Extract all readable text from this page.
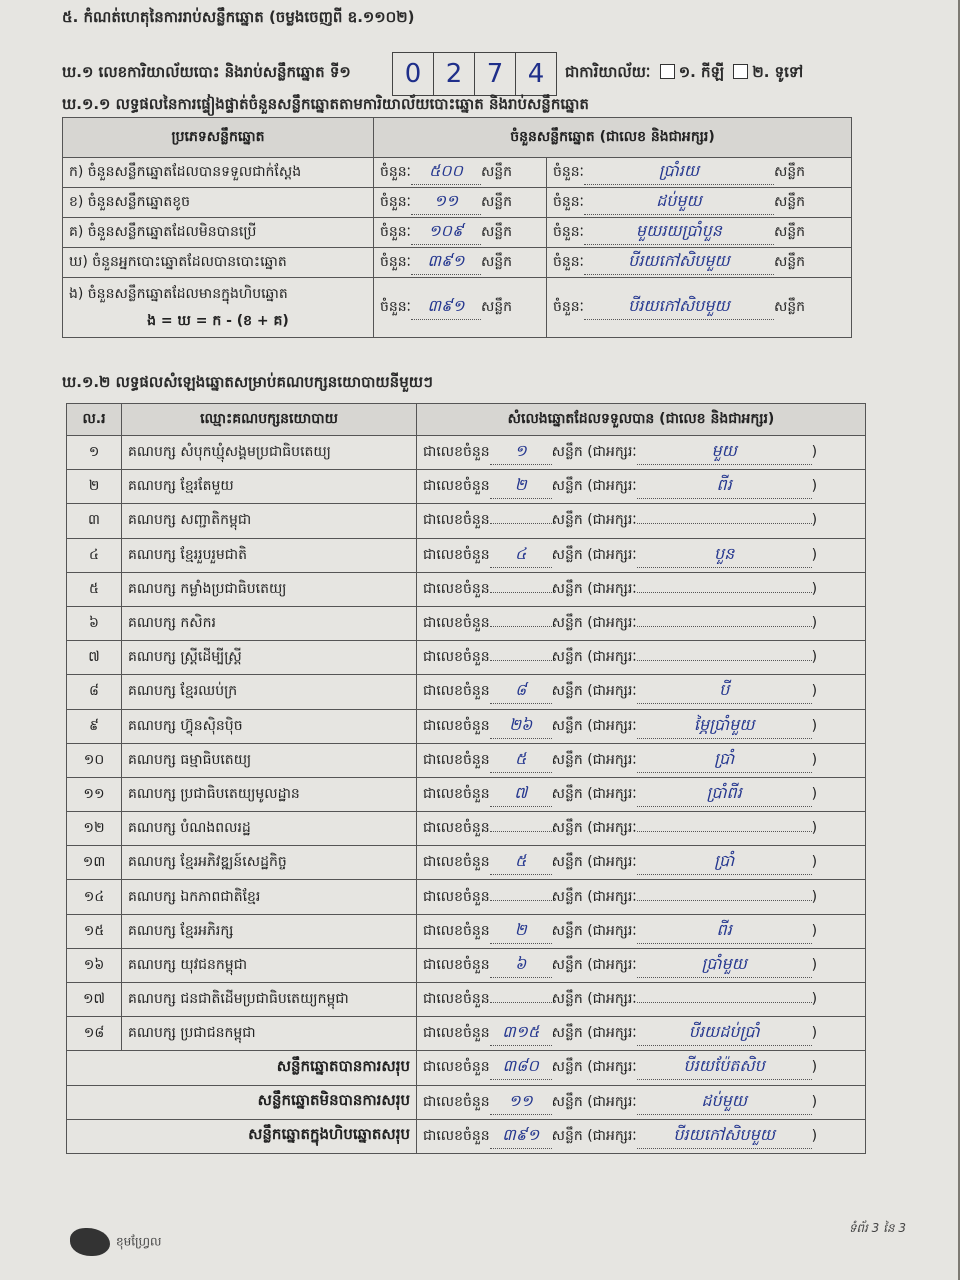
៥. កំណត់ហេតុនៃការរាប់សន្លឹកឆ្នោត (ចម្លងចេញពី ឧ.១១០២)
ឃ.១ លេខការិយាល័យបោះ និងរាប់សន្លឹកឆ្នោត ទី១	0 2 7 4	ជាការិយាល័យៈ ១. កីឡី ២. ទូទៅ
ឃ.១.១ លទ្ធផលនៃការផ្ទៀងផ្ទាត់ចំនួនសន្លឹកឆ្នោតតាមការិយាល័យបោះឆ្នោត និងរាប់សន្លឹកឆ្នោត
ប្រភេទសន្លឹកឆ្នោត	ចំនួនសន្លឹកឆ្នោត (ជាលេខ និងជាអក្សរ)	
ក) ចំនួនសន្លឹកឆ្នោតដែលបានទទួលជាក់ស្តែង	ចំនួនៈ ៥០០ សន្លឹក	ចំនួនៈ ប្រាំរយ សន្លឹក
ខ) ចំនួនសន្លឹកឆ្នោតខូច	ចំនួនៈ ១១ សន្លឹក	ចំនួនៈ ដប់មួយ សន្លឹក
គ) ចំនួនសន្លឹកឆ្នោតដែលមិនបានប្រើ	ចំនួនៈ ១០៩ សន្លឹក	ចំនួនៈ មួយរយប្រាំបួន សន្លឹក
ឃ) ចំនួនអ្នកបោះឆ្នោតដែលបានបោះឆ្នោត	ចំនួនៈ ៣៩១ សន្លឹក	ចំនួនៈ បីរយកៅសិបមួយ សន្លឹក

ង) ចំនួនសន្លឹកឆ្នោតដែលមានក្នុងហិបឆ្នោត
ង = ឃ = ក - (ខ + គ)	ចំនួនៈ ៣៩១ សន្លឹក	ចំនួនៈ បីរយកៅសិបមួយ សន្លឹក
ឃ.១.២ លទ្ធផលសំឡេងឆ្នោតសម្រាប់គណបក្សនយោបាយនីមួយៗ
ល.រ	ឈ្មោះគណបក្សនយោបាយ	សំលេងឆ្នោតដែលទទួលបាន (ជាលេខ និងជាអក្សរ)
១	គណបក្ស សំបុកឃ្មុំសង្គមប្រជាធិបតេយ្យ	ជាលេខចំនួន ១ សន្លឹក (ជាអក្សរៈ មួយ )
២	គណបក្ស ខ្មែរតែមួយ	ជាលេខចំនួន ២ សន្លឹក (ជាអក្សរៈ ពីរ )
៣	គណបក្ស សញ្ជាតិកម្ពុជា	ជាលេខចំនួន សន្លឹក (ជាអក្សរៈ )
៤	គណបក្ស ខ្មែររួបរួមជាតិ	ជាលេខចំនួន ៤ សន្លឹក (ជាអក្សរៈ បួន )
៥	គណបក្ស កម្លាំងប្រជាធិបតេយ្យ	ជាលេខចំនួន សន្លឹក (ជាអក្សរៈ )
៦	គណបក្ស កសិករ	ជាលេខចំនួន សន្លឹក (ជាអក្សរៈ )
៧	គណបក្ស ស្ត្រីដើម្បីស្ត្រី	ជាលេខចំនួន សន្លឹក (ជាអក្សរៈ )
៨	គណបក្ស ខ្មែរឈប់ក្រ	ជាលេខចំនួន ៨ សន្លឹក (ជាអក្សរៈ បី )
៩	គណបក្ស ហ៊្វុនស៊ិនប៉ិច	ជាលេខចំនួន ២៦ សន្លឹក (ជាអក្សរៈ ម្ភៃប្រាំមួយ )
១០	គណបក្ស ធម្មាធិបតេយ្យ	ជាលេខចំនួន ៥ សន្លឹក (ជាអក្សរៈ ប្រាំ )
១១	គណបក្ស ប្រជាធិបតេយ្យមូលដ្ឋាន	ជាលេខចំនួន ៧ សន្លឹក (ជាអក្សរៈ ប្រាំពីរ )
១២	គណបក្ស បំណងពលរដ្ឋ	ជាលេខចំនួន សន្លឹក (ជាអក្សរៈ )
១៣	គណបក្ស ខ្មែរអភិវឌ្ឍន៍សេដ្ឋកិច្ច	ជាលេខចំនួន ៥ សន្លឹក (ជាអក្សរៈ ប្រាំ )
១៤	គណបក្ស ឯកភាពជាតិខ្មែរ	ជាលេខចំនួន សន្លឹក (ជាអក្សរៈ )
១៥	គណបក្ស ខ្មែរអភិរក្ស	ជាលេខចំនួន ២ សន្លឹក (ជាអក្សរៈ ពីរ )
១៦	គណបក្ស យុវជនកម្ពុជា	ជាលេខចំនួន ៦ សន្លឹក (ជាអក្សរៈ ប្រាំមួយ )
១៧	គណបក្ស ជនជាតិដើមប្រជាធិបតេយ្យកម្ពុជា	ជាលេខចំនួន សន្លឹក (ជាអក្សរៈ )
១៨	គណបក្ស ប្រជាជនកម្ពុជា	ជាលេខចំនួន ៣១៥ សន្លឹក (ជាអក្សរៈ បីរយដប់ប្រាំ )
សន្លឹកឆ្នោតបានការសរុប		ជាលេខចំនួន ៣៨០ សន្លឹក (ជាអក្សរៈ បីរយប៉ែតសិប )
សន្លឹកឆ្នោតមិនបានការសរុប		ជាលេខចំនួន ១១ សន្លឹក (ជាអក្សរៈ ដប់មួយ )
សន្លឹកឆ្នោតក្នុងហិបឆ្នោតសរុប		ជាលេខចំនួន ៣៩១ សន្លឹក (ជាអក្សរៈ បីរយកៅសិបមួយ )
ខុមហ្វ្រែល
ទំព័រ 3 នៃ 3
